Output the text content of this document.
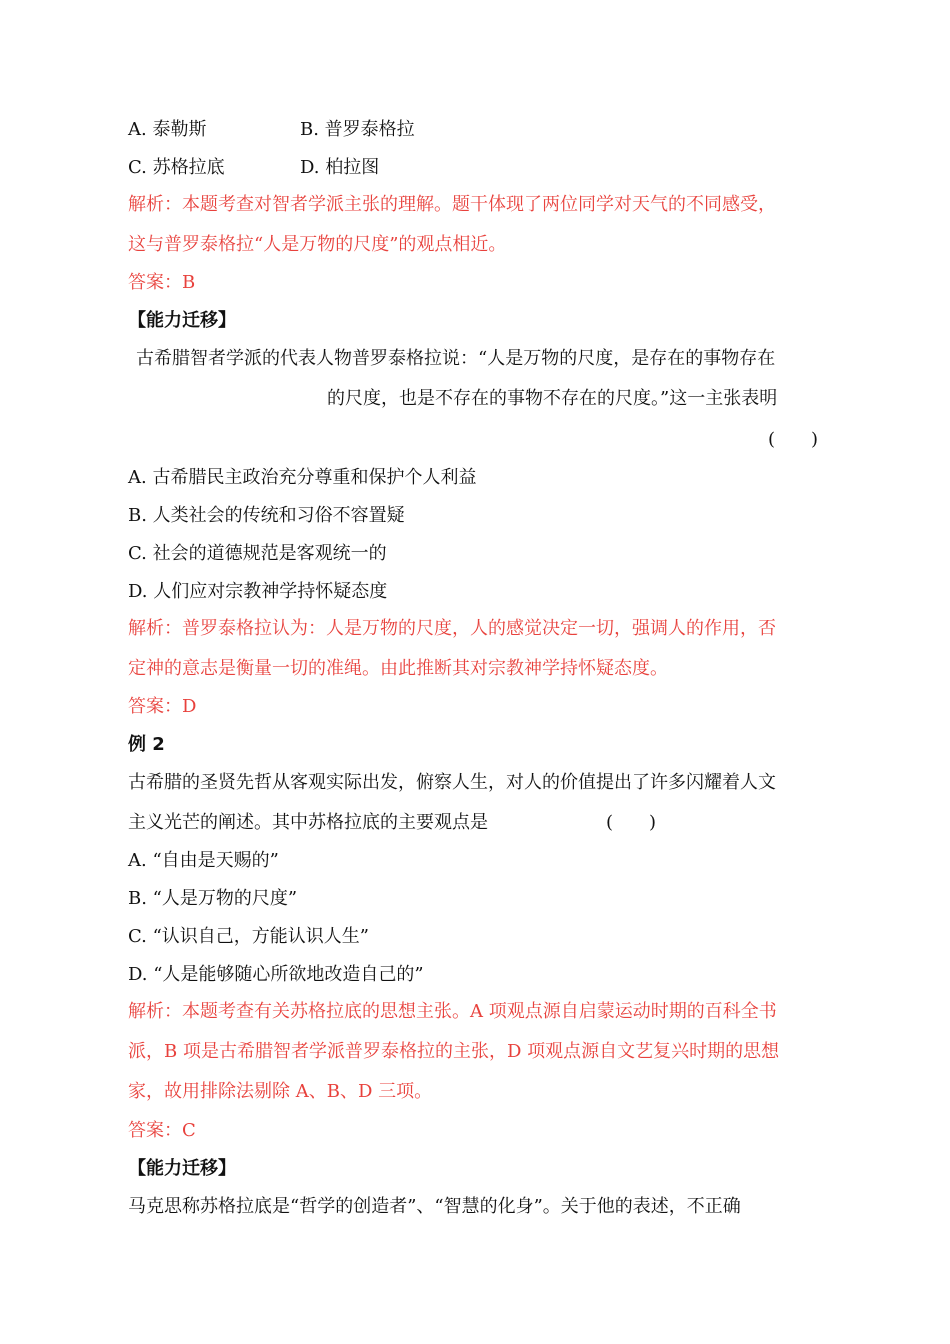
A. 泰勒斯	B. 普罗泰格拉
C. 苏格拉底	D. 柏拉图
解析：本题考查对智者学派主张的理解。题干体现了两位同学对天气的不同感受，
这与普罗泰格拉“人是万物的尺度”的观点相近。
答案：B
【能力迁移】
古希腊智者学派的代表人物普罗泰格拉说：“人是万物的尺度，是存在的事物存在
的尺度，也是不存在的事物不存在的尺度。”这一主张表明
(　　)
A. 古希腊民主政治充分尊重和保护个人利益
B. 人类社会的传统和习俗不容置疑
C. 社会的道德规范是客观统一的
D. 人们应对宗教神学持怀疑态度
解析：普罗泰格拉认为：人是万物的尺度，人的感觉决定一切，强调人的作用，否
定神的意志是衡量一切的准绳。由此推断其对宗教神学持怀疑态度。
答案：D
例 2
古希腊的圣贤先哲从客观实际出发，俯察人生，对人的价值提出了许多闪耀着人文
主义光芒的阐述。其中苏格拉底的主要观点是	(　　)
A. “自由是天赐的”
B. “人是万物的尺度”
C. “认识自己，方能认识人生”
D. “人是能够随心所欲地改造自己的”
解析：本题考查有关苏格拉底的思想主张。A 项观点源自启蒙运动时期的百科全书
派，B 项是古希腊智者学派普罗泰格拉的主张，D 项观点源自文艺复兴时期的思想
家，故用排除法剔除 A、B、D 三项。
答案：C
【能力迁移】
马克思称苏格拉底是“哲学的创造者”、“智慧的化身”。关于他的表述，不正确
